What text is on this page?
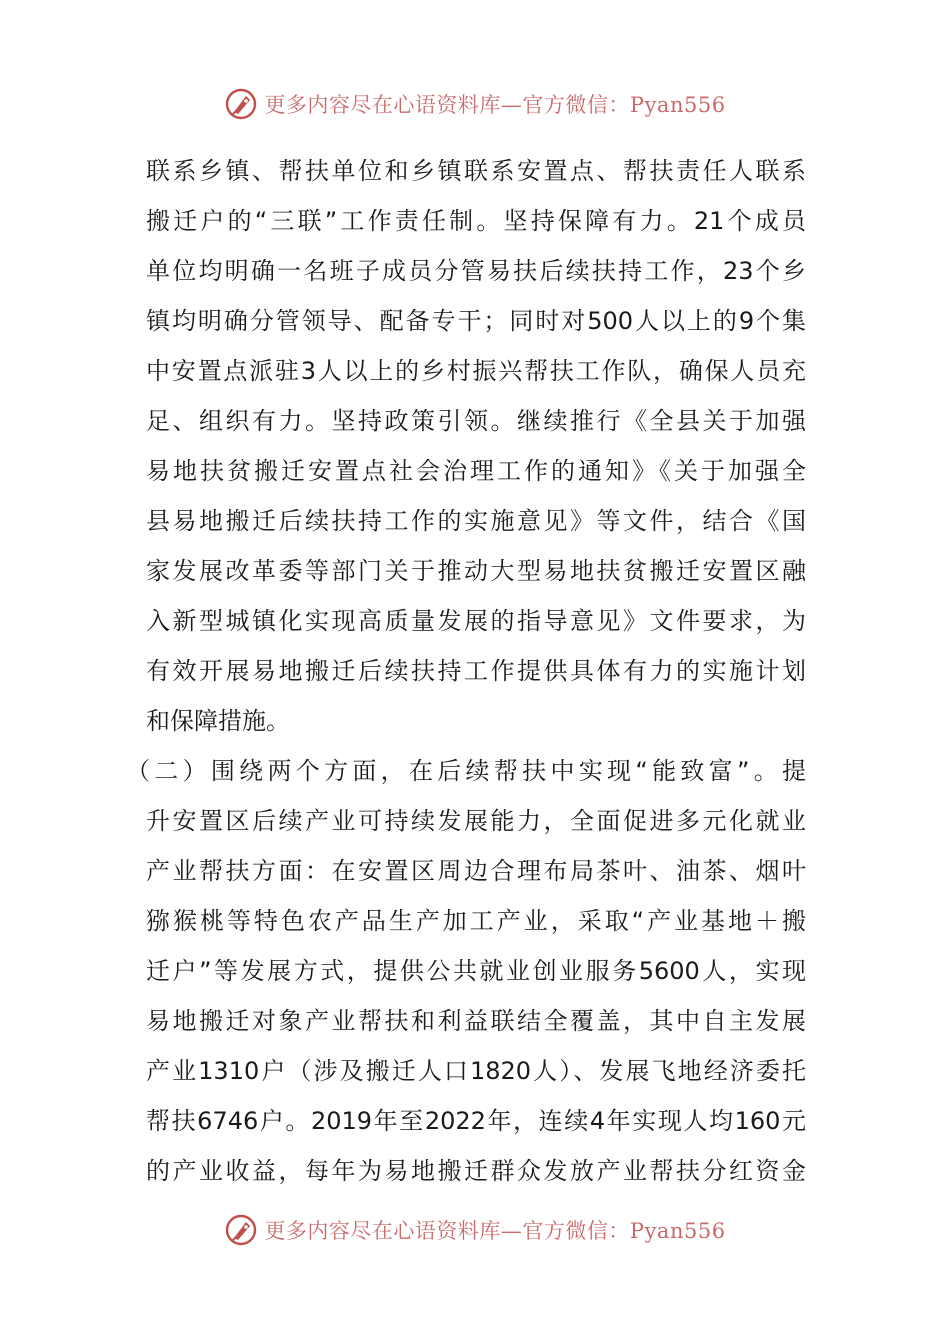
更多内容尽在心语资料库—官方微信：Pyan556
联系乡镇、帮扶单位和乡镇联系安置点、帮扶责任人联系
搬迁户的“三联”工作责任制。坚持保障有力。21个成员
单位均明确一名班子成员分管易扶后续扶持工作，23个乡
镇均明确分管领导、配备专干；同时对500人以上的9个集
中安置点派驻3人以上的乡村振兴帮扶工作队，确保人员充
足、组织有力。坚持政策引领。继续推行《全县关于加强
易地扶贫搬迁安置点社会治理工作的通知》《关于加强全
县易地搬迁后续扶持工作的实施意见》等文件，结合《国
家发展改革委等部门关于推动大型易地扶贫搬迁安置区融
入新型城镇化实现高质量发展的指导意见》文件要求，为
有效开展易地搬迁后续扶持工作提供具体有力的实施计划
和保障措施。
（二）围绕两个方面，在后续帮扶中实现“能致富”。提
升安置区后续产业可持续发展能力，全面促进多元化就业
产业帮扶方面：在安置区周边合理布局茶叶、油茶、烟叶
猕猴桃等特色农产品生产加工产业，采取“产业基地＋搬
迁户”等发展方式，提供公共就业创业服务5600人，实现
易地搬迁对象产业帮扶和利益联结全覆盖，其中自主发展
产业1310户（涉及搬迁人口1820人）、发展飞地经济委托
帮扶6746户。2019年至2022年，连续4年实现人均160元
的产业收益，每年为易地搬迁群众发放产业帮扶分红资金
更多内容尽在心语资料库—官方微信：Pyan556
